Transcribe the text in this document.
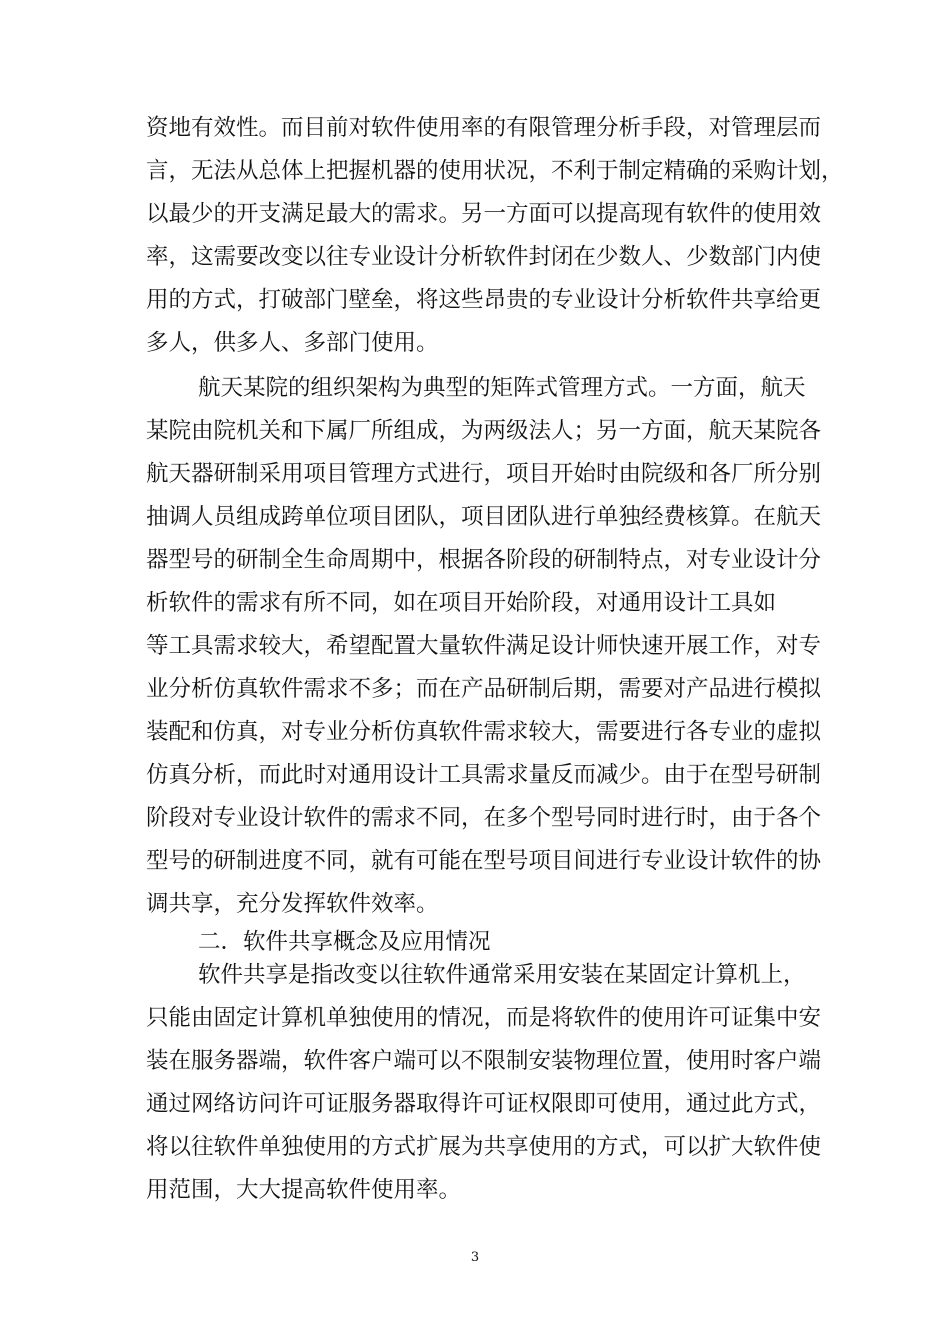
资地有效性。而目前对软件使用率的有限管理分析手段，对管理层而
言，无法从总体上把握机器的使用状况，不利于制定精确的采购计划，
以最少的开支满足最大的需求。另一方面可以提高现有软件的使用效
率，这需要改变以往专业设计分析软件封闭在少数人、少数部门内使
用的方式，打破部门壁垒，将这些昂贵的专业设计分析软件共享给更
多人，供多人、多部门使用。
航天某院的组织架构为典型的矩阵式管理方式。一方面，航天
某院由院机关和下属厂所组成，为两级法人；另一方面，航天某院各
航天器研制采用项目管理方式进行，项目开始时由院级和各厂所分别
抽调人员组成跨单位项目团队，项目团队进行单独经费核算。在航天
器型号的研制全生命周期中，根据各阶段的研制特点，对专业设计分
析软件的需求有所不同，如在项目开始阶段，对通用设计工具如
等工具需求较大，希望配置大量软件满足设计师快速开展工作，对专
业分析仿真软件需求不多；而在产品研制后期，需要对产品进行模拟
装配和仿真，对专业分析仿真软件需求较大，需要进行各专业的虚拟
仿真分析，而此时对通用设计工具需求量反而减少。由于在型号研制
阶段对专业设计软件的需求不同，在多个型号同时进行时，由于各个
型号的研制进度不同，就有可能在型号项目间进行专业设计软件的协
调共享，充分发挥软件效率。
二．软件共享概念及应用情况
软件共享是指改变以往软件通常采用安装在某固定计算机上，
只能由固定计算机单独使用的情况，而是将软件的使用许可证集中安
装在服务器端，软件客户端可以不限制安装物理位置，使用时客户端
通过网络访问许可证服务器取得许可证权限即可使用，通过此方式，
将以往软件单独使用的方式扩展为共享使用的方式，可以扩大软件使
用范围，大大提高软件使用率。
3
